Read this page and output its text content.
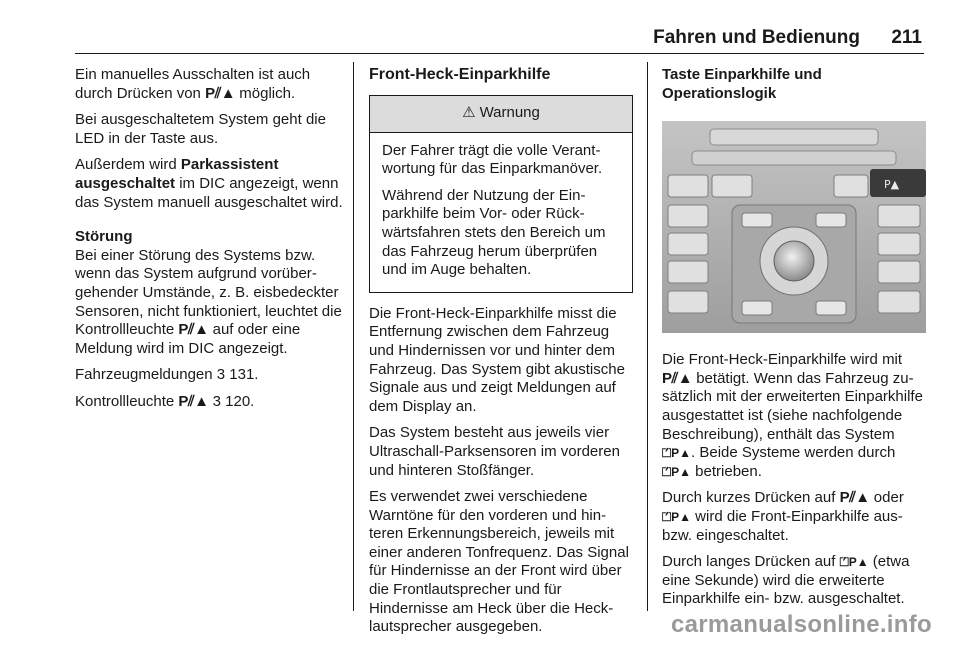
Fahren und Bedienung 211

Ein manuelles Ausschalten ist auch durch Drücken von P⫽▲ möglich.

Bei ausgeschaltetem System geht die LED in der Taste aus.

Außerdem wird Parkassistent ausgeschaltet im DIC angezeigt, wenn das System manuell ausgeschaltet wird.

Störung

Bei einer Störung des Systems bzw. wenn das System aufgrund vorübergehender Umstände, z. B. eisbedeckter Sensoren, nicht funktioniert, leuchtet die Kontrollleuchte P⫽▲ auf oder eine Meldung wird im DIC angezeigt.

Fahrzeugmeldungen 3 131.

Kontrollleuchte P⫽▲ 3 120.

Front-Heck-Einparkhilfe

⚠ Warnung

Der Fahrer trägt die volle Verantwortung für das Einparkmanöver.

Während der Nutzung der Einparkhilfe beim Vor- oder Rückwärtsfahren stets den Bereich um das Fahrzeug herum überprüfen und im Auge behalten.

Die Front-Heck-Einparkhilfe misst die Entfernung zwischen dem Fahrzeug und Hindernissen vor und hinter dem Fahrzeug. Das System gibt akustische Signale aus und zeigt Meldungen auf dem Display an.

Das System besteht aus jeweils vier Ultraschall-Parksensoren im vorderen und hinteren Stoßfänger.

Es verwendet zwei verschiedene Warntöne für den vorderen und hinteren Erkennungsbereich, jeweils mit einer anderen Tonfrequenz. Das Signal für Hindernisse an der Front wird über die Frontlautsprecher und für Hindernisse am Heck über die Hecklautsprecher ausgegeben.

Taste Einparkhilfe und Operationslogik

P▲

Die Front-Heck-Einparkhilfe wird mit P⫽▲ betätigt. Wenn das Fahrzeug zusätzlich mit der erweiterten Einparkhilfe ausgestattet ist (siehe nachfolgende Beschreibung), enthält das System ⏍P▲. Beide Systeme werden durch ⏍P▲ betrieben.

Durch kurzes Drücken auf P⫽▲ oder ⏍P▲ wird die Front-Einparkhilfe aus- bzw. eingeschaltet.

Durch langes Drücken auf ⏍P▲ (etwa eine Sekunde) wird die erweiterte Einparkhilfe ein- bzw. ausgeschaltet.

carmanualsonline.info
